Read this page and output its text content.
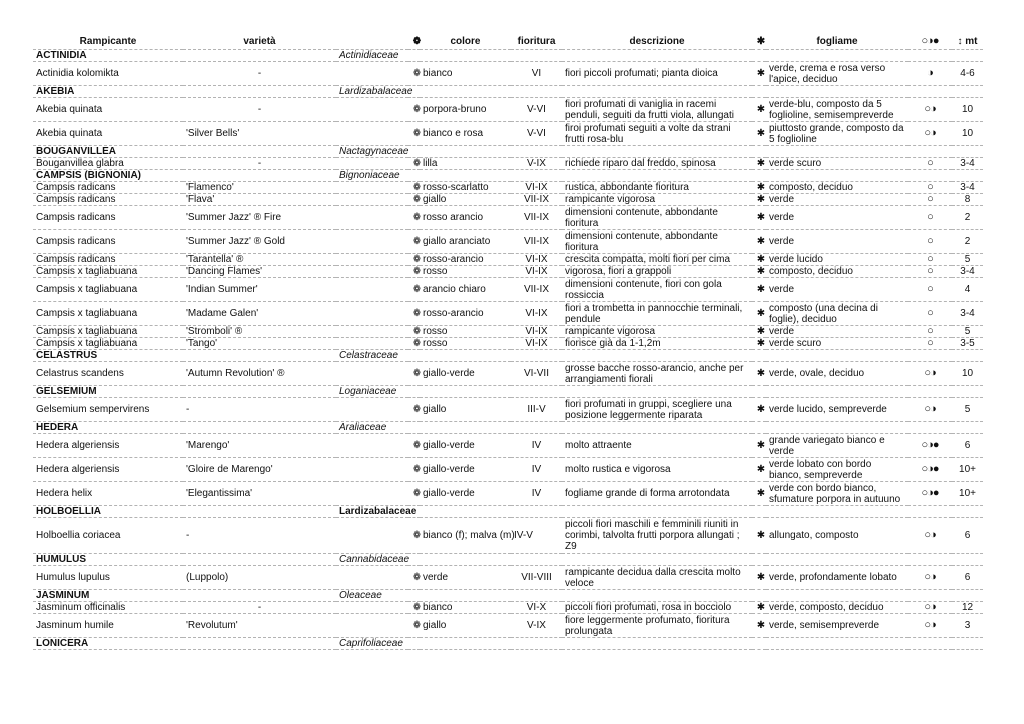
Rampicante	varietà		❁	colore	fioritura	descrizione	✱	fogliame	○◑●	↕ mt
ACTINIDIA		Actinidiaceae								
Actinidia kolomikta	-		❁	bianco	VI	fiori piccoli profumati; pianta dioica	✱	verde, crema e rosa verso l'apice, deciduo	◑	4-6
AKEBIA		Lardizabalaceae								
Akebia quinata	-		❁	porpora-bruno	V-VI	fiori profumati di vaniglia in racemi penduli, seguiti da frutti viola, allungati	✱	verde-blu, composto da 5 foglioline, semisempreverde	○◑	10
Akebia quinata	'Silver Bells'		❁	bianco e rosa	V-VI	firoi profumati seguiti a volte da strani frutti rosa-blu	✱	piuttosto grande, composto da 5 foglioline	○◑	10
BOUGANVILLEA		Nactagynaceae								
Bouganvillea glabra	-		❁	lilla	V-IX	richiede riparo dal freddo, spinosa	✱	verde scuro	○	3-4
CAMPSIS (BIGNONIA)		Bignoniaceae								
Campsis radicans	'Flamenco'		❁	rosso-scarlatto	VI-IX	rustica, abbondante fioritura	✱	composto, deciduo	○	3-4
Campsis radicans	'Flava'		❁	giallo	VII-IX	rampicante vigorosa	✱	verde	○	8
Campsis radicans	'Summer Jazz' ® Fire		❁	rosso arancio	VII-IX	dimensioni contenute, abbondante fioritura	✱	verde	○	2
Campsis radicans	'Summer Jazz' ® Gold		❁	giallo aranciato	VII-IX	dimensioni contenute, abbondante fioritura	✱	verde	○	2
Campsis radicans	'Tarantella' ®		❁	rosso-arancio	VI-IX	crescita compatta, molti fiori per cima	✱	verde lucido	○	5
Campsis x tagliabuana	'Dancing Flames'		❁	rosso	VI-IX	vigorosa, fiori a grappoli	✱	composto, deciduo	○	3-4
Campsis x tagliabuana	'Indian Summer'		❁	arancio chiaro	VII-IX	dimensioni contenute, fiori con gola rossiccia	✱	verde	○	4
Campsis x tagliabuana	'Madame Galen'		❁	rosso-arancio	VI-IX	fiori a trombetta in pannocchie terminali, pendule	✱	composto (una decina di foglie), deciduo	○	3-4
Campsis x tagliabuana	'Stromboli' ®		❁	rosso	VI-IX	rampicante vigorosa	✱	verde	○	5
Campsis x tagliabuana	'Tango'		❁	rosso	VI-IX	fiorisce già da 1-1,2m	✱	verde scuro	○	3-5
CELASTRUS		Celastraceae								
Celastrus scandens	'Autumn Revolution' ®		❁	giallo-verde	VI-VII	grosse bacche rosso-arancio, anche per arrangiamenti fiorali	✱	verde, ovale, deciduo	○◑	10
GELSEMIUM		Loganiaceae								
Gelsemium sempervirens	-		❁	giallo	III-V	fiori profumati in gruppi, scegliere una posizione leggermente riparata	✱	verde lucido, sempreverde	○◑	5
HEDERA		Araliaceae								
Hedera algeriensis	'Marengo'		❁	giallo-verde	IV	molto attraente	✱	grande variegato bianco e verde	○◑●	6
Hedera algeriensis	'Gloire de Marengo'		❁	giallo-verde	IV	molto rustica e vigorosa	✱	verde lobato con bordo bianco, sempreverde	○◑●	10+
Hedera helix	'Elegantissima'		❁	giallo-verde	IV	fogliame grande di forma arrotondata	✱	verde con bordo bianco, sfumature porpora in autuuno	○◑●	10+
HOLBOELLIA		Lardizabalaceae								
Holboellia coriacea	-		❁	bianco (f); malva (m)	IV-V	piccoli fiori maschili e femminili riuniti in corimbi, talvolta frutti porpora allungati ; Z9	✱	allungato, composto	○◑	6
HUMULUS		Cannabidaceae								
Humulus lupulus	(Luppolo)		❁	verde	VII-VIII	rampicante decidua dalla crescita molto veloce	✱	verde, profondamente lobato	○◑	6
JASMINUM		Oleaceae								
Jasminum officinalis	-		❁	bianco	VI-X	piccoli fiori profumati, rosa in bocciolo	✱	verde, composto, deciduo	○◑	12
Jasminum humile	'Revolutum'		❁	giallo	V-IX	fiore leggermente profumato, fioritura prolungata	✱	verde, semisempreverde	○◑	3
LONICERA		Caprifoliaceae								
